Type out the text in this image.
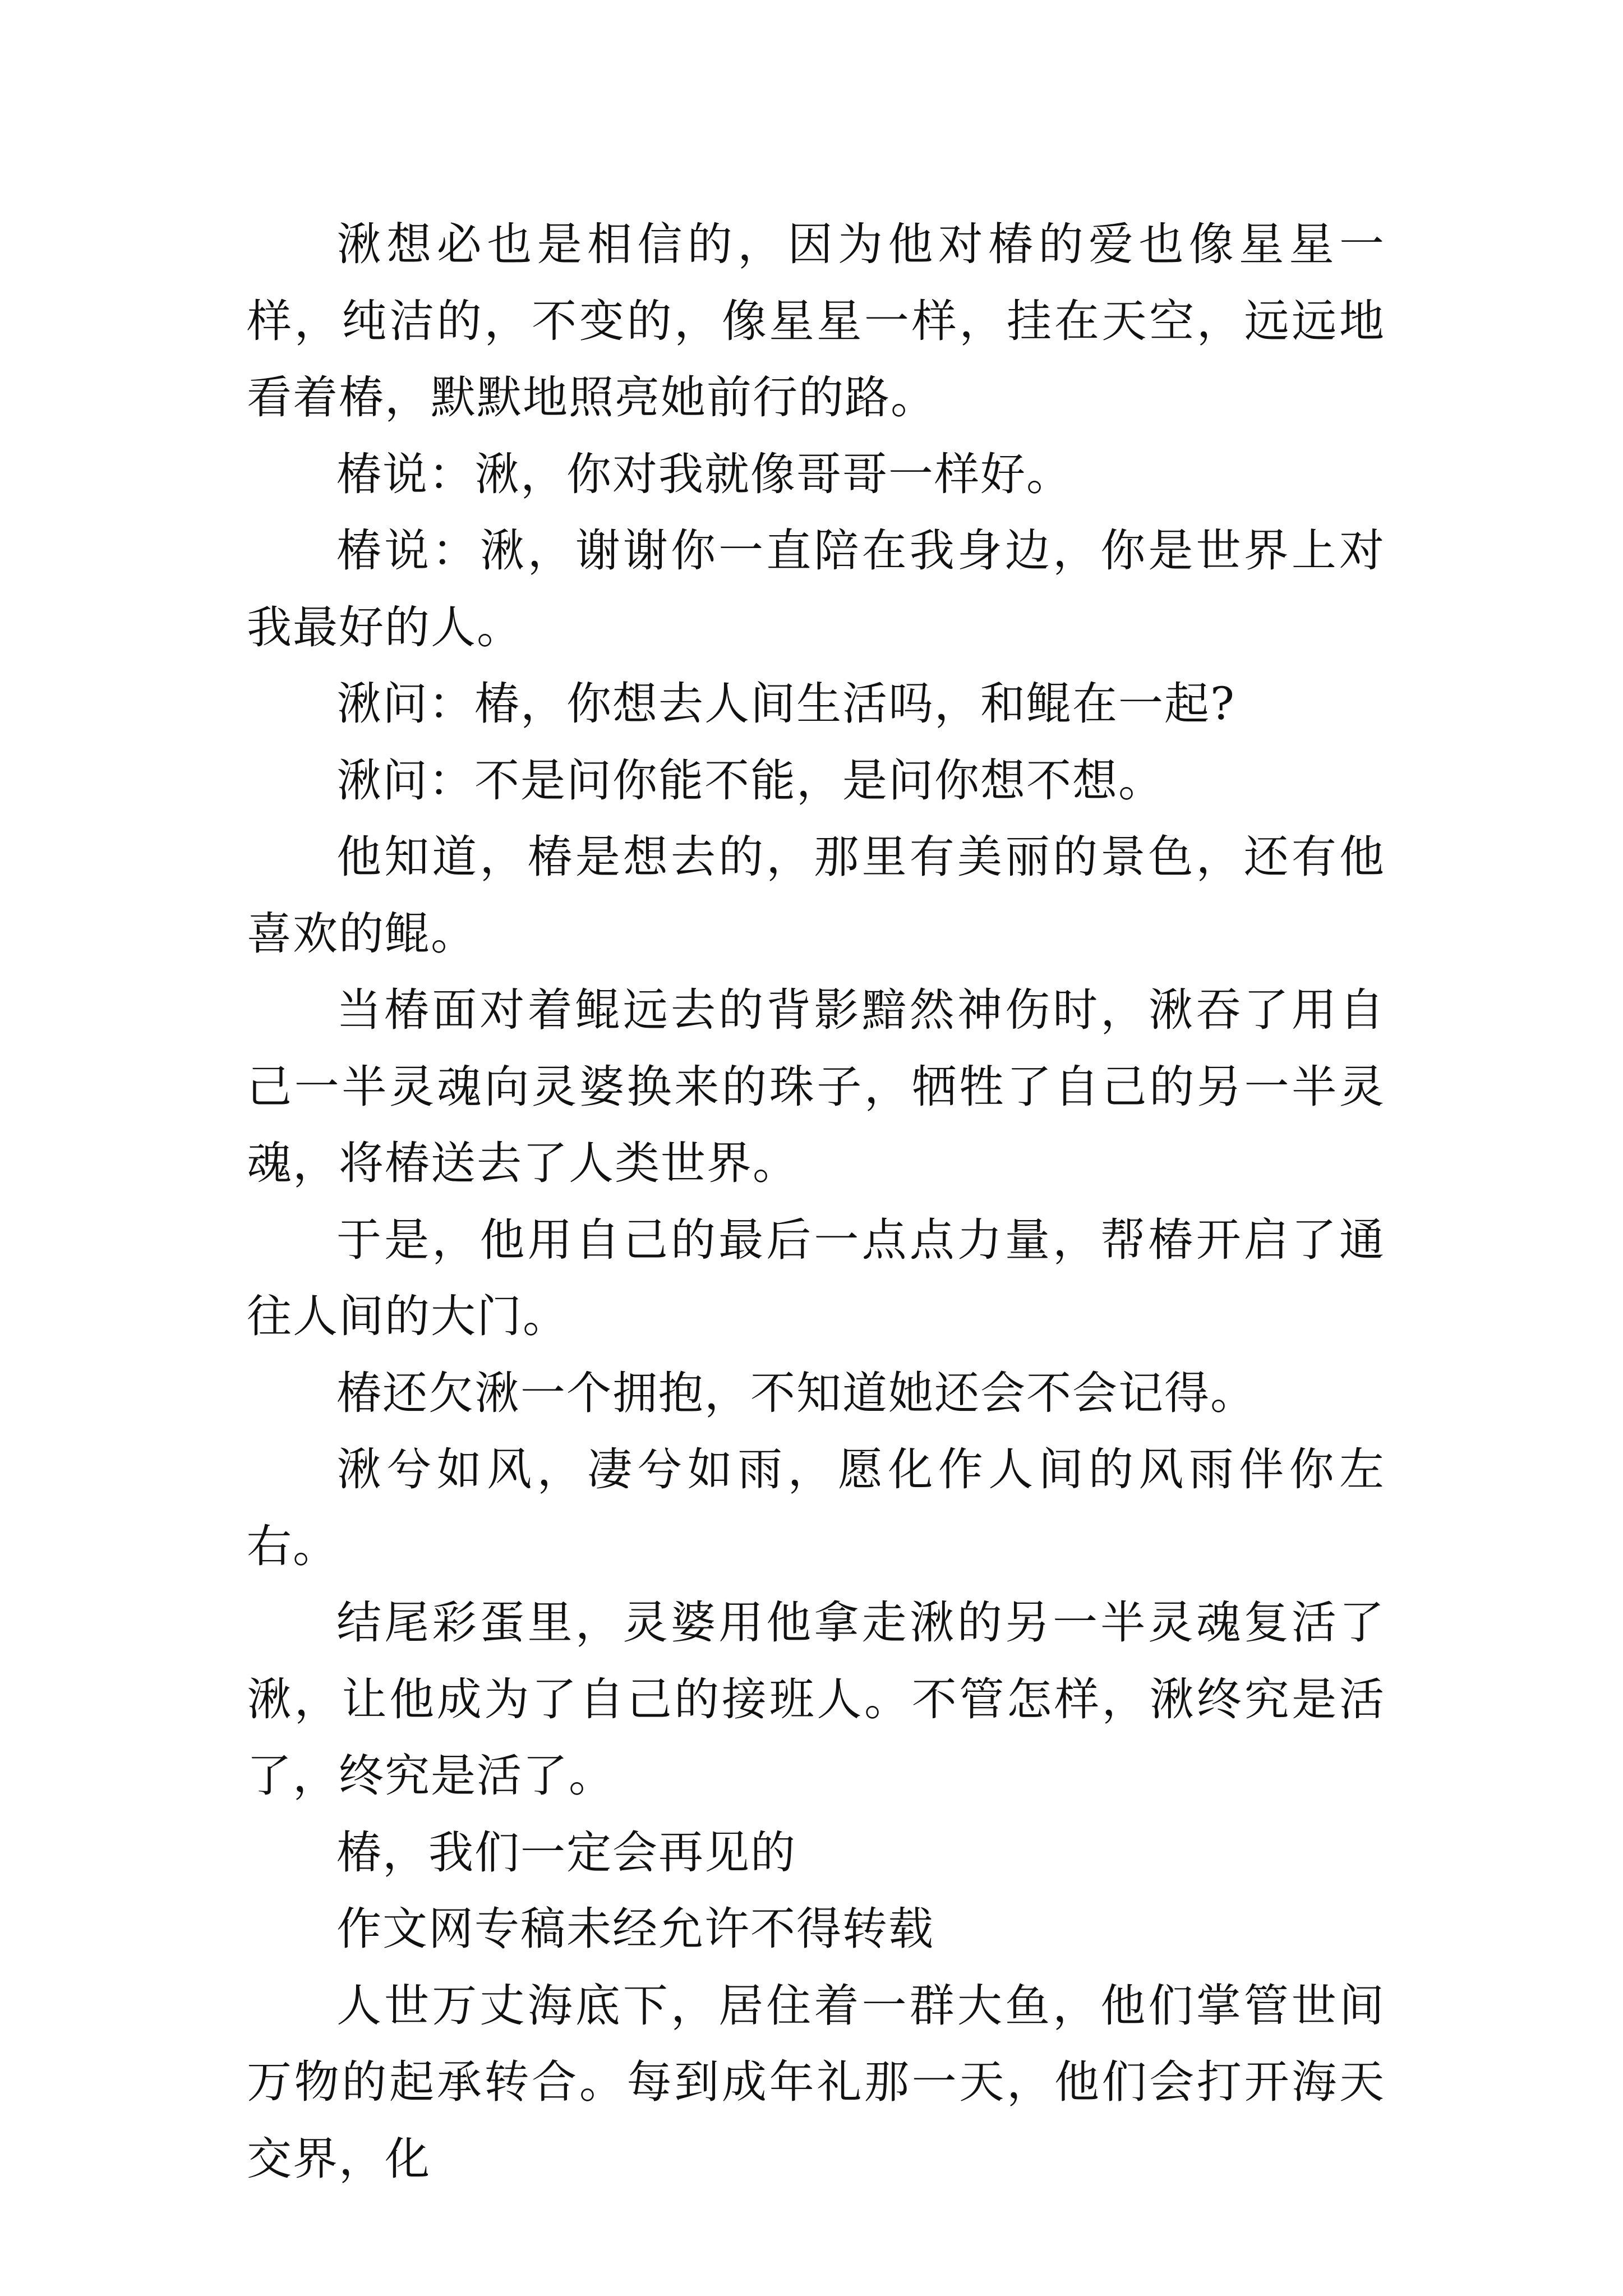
湫想必也是相信的，因为他对椿的爱也像星星一样，纯洁的，不变的，像星星一样，挂在天空，远远地看着椿，默默地照亮她前行的路。

椿说：湫，你对我就像哥哥一样好。

椿说：湫，谢谢你一直陪在我身边，你是世界上对我最好的人。

湫问：椿，你想去人间生活吗，和鲲在一起?

湫问：不是问你能不能，是问你想不想。

他知道，椿是想去的，那里有美丽的景色，还有他喜欢的鲲。

当椿面对着鲲远去的背影黯然神伤时，湫吞了用自己一半灵魂向灵婆换来的珠子，牺牲了自己的另一半灵魂，将椿送去了人类世界。

于是，他用自己的最后一点点力量，帮椿开启了通往人间的大门。

椿还欠湫一个拥抱，不知道她还会不会记得。

湫兮如风，凄兮如雨，愿化作人间的风雨伴你左右。

结尾彩蛋里，灵婆用他拿走湫的另一半灵魂复活了湫，让他成为了自己的接班人。不管怎样，湫终究是活了，终究是活了。

椿，我们一定会再见的

作文网专稿未经允许不得转载

人世万丈海底下，居住着一群大鱼，他们掌管世间万物的起承转合。每到成年礼那一天，他们会打开海天交界，化
